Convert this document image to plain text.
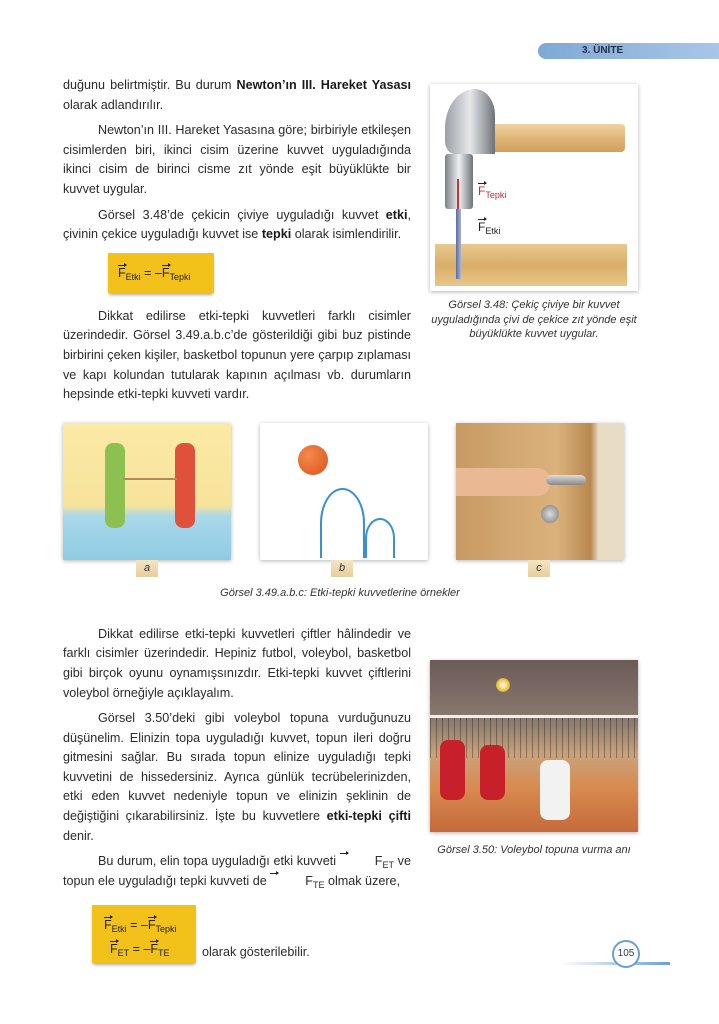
3. ÜNİTE

duğunu belirtmiştir. Bu durum Newton’ın III. Hareket Yasası olarak adlandırılır.

Newton’ın III. Hareket Yasasına göre; birbiriyle etkileşen cisimlerden biri, ikinci cisim üzerine kuvvet uyguladığında ikinci cisim de birinci cisme zıt yönde eşit büyüklükte bir kuvvet uygular.

Görsel 3.48’de çekicin çiviye uyguladığı kuvvet etki, çivinin çekice uyguladığı kuvvet ise tepki olarak isimlendirilir.

$F_{Etki} = -F_{Tepki}$

Dikkat edilirse etki-tepki kuvvetleri farklı cisimler üzerindedir. Görsel 3.49.a.b.c’de gösterildiği gibi buz pistinde birbirini çeken kişiler, basketbol topunun yere çarpıp zıplaması ve kapı kolundan tutularak kapının açılması vb. durumların hepsinde etki-tepki kuvveti vardır.

a	b	c
Görsel 3.49.a.b.c: Etki-tepki kuvvetlerine örnekler

Dikkat edilirse etki-tepki kuvvetleri çiftler hâlindedir ve farklı cisimler üzerindedir. Hepiniz futbol, voleybol, basketbol gibi birçok oyunu oynamışsınızdır. Etki-tepki kuvvet çiftlerini voleybol örneğiyle açıklayalım.

Görsel 3.50’deki gibi voleybol topuna vurduğunuzu düşünelim. Elinizin topa uyguladığı kuvvet, topun ileri doğru gitmesini sağlar. Bu sırada topun elinize uyguladığı tepki kuvvetini de hissedersiniz. Ayrıca günlük tecrübelerinizden, etki eden kuvvet nedeniyle topun ve elinizin şeklinin de değiştiğini çıkarabilirsiniz. İşte bu kuvvetlere etki-tepki çifti denir.

Bu durum, elin topa uyguladığı etki kuvveti	$F_{ET}$ ve topun ele uyguladığı tepki kuvveti de	$F_{TE}$ olmak üzere,

$F_{Etki} = -F_{Tepki}$
$F_{ET} = -F_{TE}$	olarak gösterilebilir.
$F_{Tepki}$
$F_{Etki}$
Görsel 3.48: Çekiç çiviye bir kuvvet uyguladığında çivi de çekice zıt yönde eşit büyüklükte kuvvet uygular.
Görsel 3.50: Voleybol topuna vurma anı
105
